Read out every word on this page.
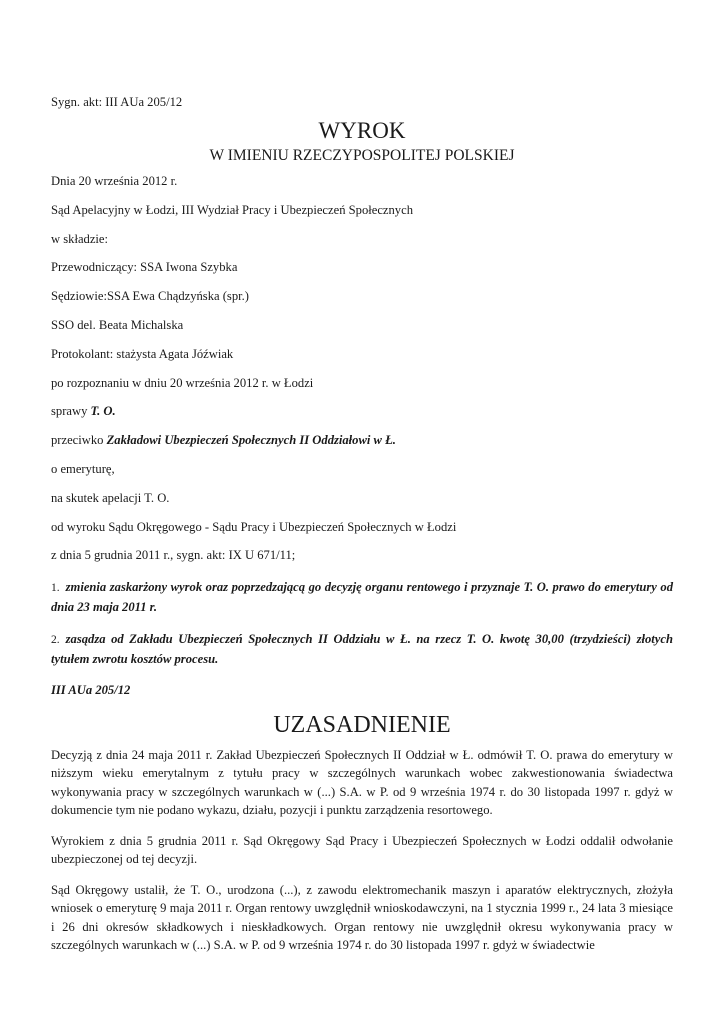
Sygn. akt: III AUa 205/12

WYROK

W IMIENIU RZECZYPOSPOLITEJ POLSKIEJ

Dnia 20 września 2012 r.

Sąd Apelacyjny w Łodzi, III Wydział Pracy i Ubezpieczeń Społecznych

w składzie:

Przewodniczący: SSA Iwona Szybka

Sędziowie:SSA Ewa Chądzyńska (spr.)

SSO del. Beata Michalska

Protokolant: stażysta Agata Jóźwiak

po rozpoznaniu w dniu 20 września 2012 r. w Łodzi

sprawy T. O.

przeciwko Zakładowi Ubezpieczeń Społecznych II Oddziałowi w Ł.

o emeryturę,

na skutek apelacji T. O.

od wyroku Sądu Okręgowego - Sądu Pracy i Ubezpieczeń Społecznych w Łodzi

z dnia 5 grudnia 2011 r., sygn. akt: IX U 671/11;

1. zmienia zaskarżony wyrok oraz poprzedzającą go decyzję organu rentowego i przyznaje T. O. prawo do emerytury od dnia 23 maja 2011 r.

2. zasądza od Zakładu Ubezpieczeń Społecznych II Oddziału w Ł. na rzecz T. O. kwotę 30,00 (trzydzieści) złotych tytułem zwrotu kosztów procesu.

III AUa 205/12

UZASADNIENIE

Decyzją z dnia 24 maja 2011 r. Zakład Ubezpieczeń Społecznych II Oddział w Ł. odmówił T. O. prawa do emerytury w niższym wieku emerytalnym z tytułu pracy w szczególnych warunkach wobec zakwestionowania świadectwa wykonywania pracy w szczególnych warunkach w (...) S.A. w P. od 9 września 1974 r. do 30 listopada 1997 r. gdyż w dokumencie tym nie podano wykazu, działu, pozycji i punktu zarządzenia resortowego.

Wyrokiem z dnia 5 grudnia 2011 r. Sąd Okręgowy Sąd Pracy i Ubezpieczeń Społecznych w Łodzi oddalił odwołanie ubezpieczonej od tej decyzji.

Sąd Okręgowy ustalił, że T. O., urodzona (...), z zawodu elektromechanik maszyn i aparatów elektrycznych, złożyła wniosek o emeryturę 9 maja 2011 r. Organ rentowy uwzględnił wnioskodawczyni, na 1 stycznia 1999 r., 24 lata 3 miesiące i 26 dni okresów składkowych i nieskładkowych. Organ rentowy nie uwzględnił okresu wykonywania pracy w szczególnych warunkach w (...) S.A. w P. od 9 września 1974 r. do 30 listopada 1997 r. gdyż w świadectwie
